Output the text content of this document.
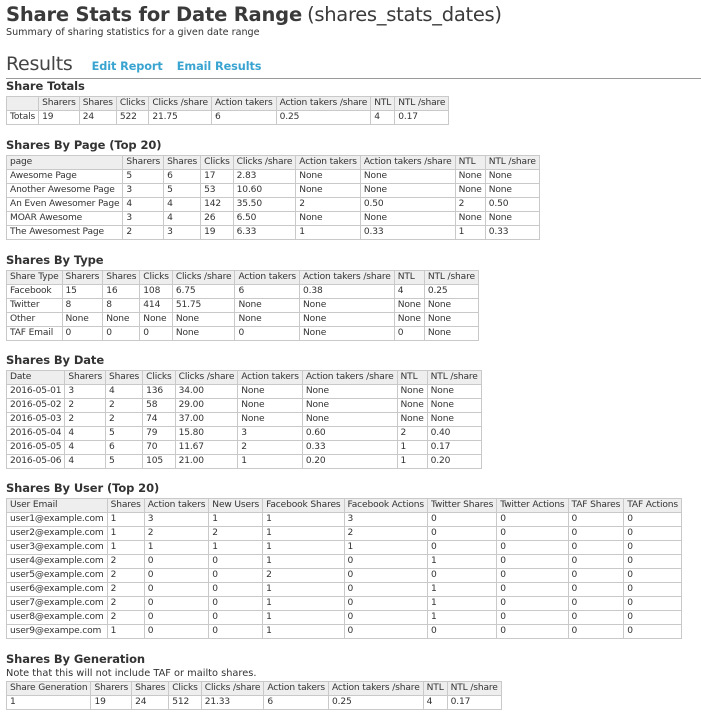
Share Stats for Date Range (shares_stats_dates)
Summary of sharing statistics for a given date range
Results Edit Report Email Results
Share Totals
	Sharers	Shares	Clicks	Clicks /share	Action takers	Action takers /share	NTL	NTL /share
Totals	19	24	522	21.75	6	0.25	4	0.17
Shares By Page (Top 20)
page	Sharers	Shares	Clicks	Clicks /share	Action takers	Action takers /share	NTL	NTL /share
Awesome Page	5	6	17	2.83	None	None	None	None
Another Awesome Page	3	5	53	10.60	None	None	None	None
An Even Awesomer Page	4	4	142	35.50	2	0.50	2	0.50
MOAR Awesome	3	4	26	6.50	None	None	None	None
The Awesomest Page	2	3	19	6.33	1	0.33	1	0.33
Shares By Type
Share Type	Sharers	Shares	Clicks	Clicks /share	Action takers	Action takers /share	NTL	NTL /share
Facebook	15	16	108	6.75	6	0.38	4	0.25
Twitter	8	8	414	51.75	None	None	None	None
Other	None	None	None	None	None	None	None	None
TAF Email	0	0	0	None	0	None	0	None
Shares By Date
Date	Sharers	Shares	Clicks	Clicks /share	Action takers	Action takers /share	NTL	NTL /share
2016-05-01	3	4	136	34.00	None	None	None	None
2016-05-02	2	2	58	29.00	None	None	None	None
2016-05-03	2	2	74	37.00	None	None	None	None
2016-05-04	4	5	79	15.80	3	0.60	2	0.40
2016-05-05	4	6	70	11.67	2	0.33	1	0.17
2016-05-06	4	5	105	21.00	1	0.20	1	0.20
Shares By User (Top 20)
User Email	Shares	Action takers	New Users	Facebook Shares	Facebook Actions	Twitter Shares	Twitter Actions	TAF Shares	TAF Actions
user1@example.com	1	3	1	1	3	0	0	0	0
user2@example.com	1	2	2	1	2	0	0	0	0
user3@example.com	1	1	1	1	1	0	0	0	0
user4@example.com	2	0	0	1	0	1	0	0	0
user5@example.com	2	0	0	2	0	0	0	0	0
user6@example.com	2	0	0	1	0	1	0	0	0
user7@example.com	2	0	0	1	0	1	0	0	0
user8@example.com	2	0	0	1	0	1	0	0	0
user9@exampe.com	1	0	0	1	0	0	0	0	0
Shares By Generation
Note that this will not include TAF or mailto shares.
Share Generation	Sharers	Shares	Clicks	Clicks /share	Action takers	Action takers /share	NTL	NTL /share
1	19	24	512	21.33	6	0.25	4	0.17
